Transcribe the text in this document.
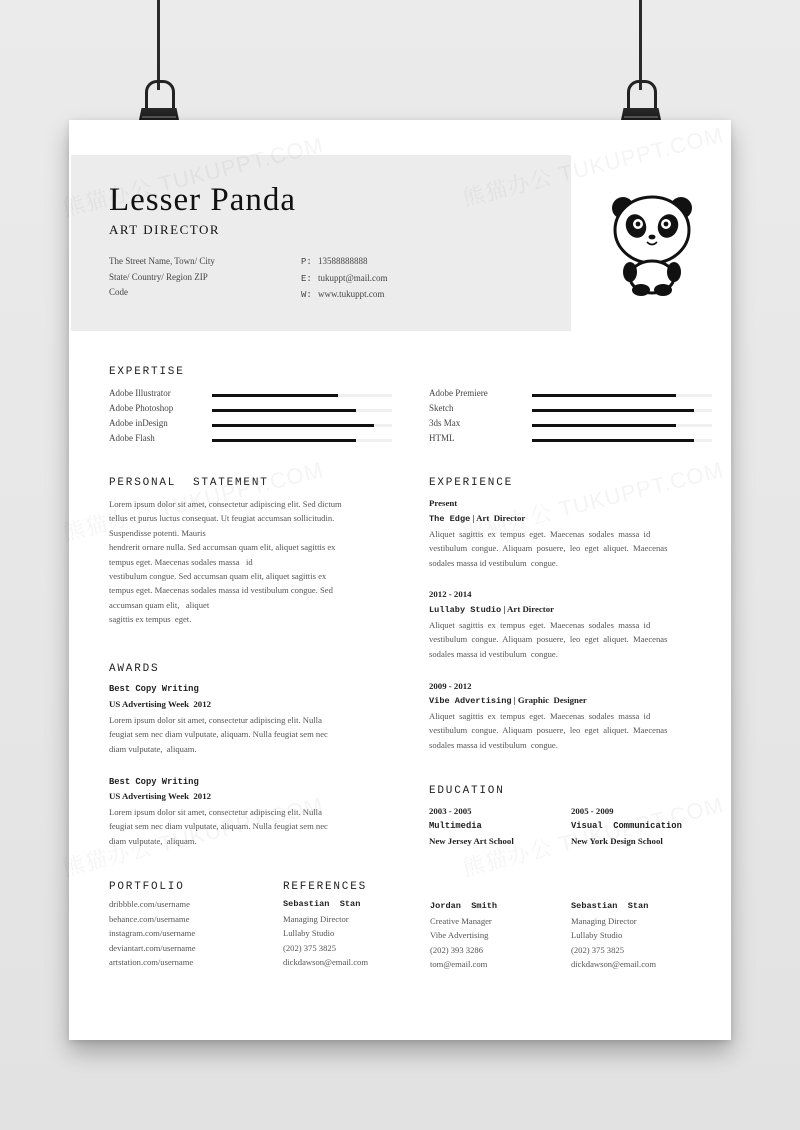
Lesser Panda
ART DIRECTOR
The Street Name, Town/ City
State/ Country/ Region ZIP
Code
P: 13588888888
E: tukuppt@mail.com
W: www.tukuppt.com
EXPERTISE
Adobe Illustrator
Adobe Photoshop
Adobe inDesign
Adobe Flash
Adobe Premiere
Sketch
3ds Max
HTML
PERSONAL  STATEMENT
Lorem ipsum dolor sit amet, consectetur adipiscing elit. Sed dictum
tellus et purus luctus consequat. Ut feugiat accumsan sollicitudin.
Suspendisse potenti. Mauris
hendrerit ornare nulla. Sed accumsan quam elit, aliquet sagittis ex
tempus eget. Maecenas sodales massa   id
vestibulum congue. Sed accumsan quam elit, aliquet sagittis ex
tempus eget. Maecenas sodales massa id vestibulum congue. Sed
accumsan quam elit,   aliquet
sagittis ex tempus  eget.
AWARDS
Best Copy Writing
US Advertising Week  2012
Lorem ipsum dolor sit amet, consectetur adipiscing elit. Nulla
feugiat sem nec diam vulputate, aliquam. Nulla feugiat sem nec
diam vulputate,  aliquam.
Best Copy Writing
US Advertising Week  2012
Lorem ipsum dolor sit amet, consectetur adipiscing elit. Nulla
feugiat sem nec diam vulputate, aliquam. Nulla feugiat sem nec
diam vulputate,  aliquam.
EXPERIENCE
Present
The Edge | Art  Director
Aliquet  sagittis  ex  tempus  eget.  Maecenas  sodales  massa  id
vestibulum  congue.  Aliquam  posuere,  leo  eget  aliquet.  Maecenas
sodales massa id vestibulum  congue.
2012 - 2014
Lullaby Studio | Art Director
Aliquet  sagittis  ex  tempus  eget.  Maecenas  sodales  massa  id
vestibulum  congue.  Aliquam  posuere,  leo  eget  aliquet.  Maecenas
sodales massa id vestibulum  congue.
2009 - 2012
Vibe Advertising | Graphic  Designer
Aliquet  sagittis  ex  tempus  eget.  Maecenas  sodales  massa  id
vestibulum  congue.  Aliquam  posuere,  leo  eget  aliquet.  Maecenas
sodales massa id vestibulum  congue.
EDUCATION
2003 - 2005
Multimedia
New Jersey Art School
2005 - 2009
Visual  Communication
New York Design School
PORTFOLIO
dribbble.com/username
behance.com/username
instagram.com/username
deviantart.com/username
artstation.com/username
REFERENCES
Sebastian  Stan
Managing Director
Lullaby Studio
(202) 375 3825
dickdawson@email.com
Jordan  Smith
Creative Manager
Vibe Advertising
(202) 393 3286
tom@email.com
Sebastian  Stan
Managing Director
Lullaby Studio
(202) 375 3825
dickdawson@email.com
